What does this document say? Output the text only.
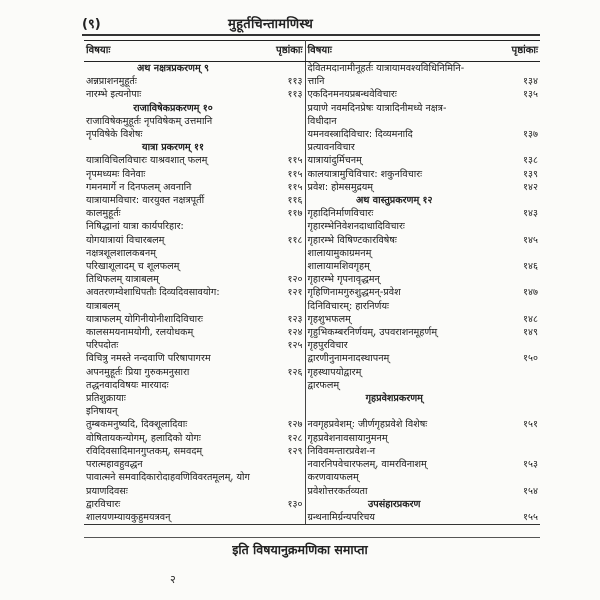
(९)	मुहूर्तचिन्तामणिस्थ
विषयाः	पृष्ठांकाः	विषयाः	पृष्ठांकाः
अथ नक्षत्रप्रकरणम् ९		देवितमदानामीनूहर्तः यात्रायामवश्यविधिनिमिनि-	
अन्नप्राशनमुहूर्तः	११३	त्तानि	१३४
नारम्भे इत्यनोपाः	११३	एकदिनमनयप्रबन्धवेविचारः	१३५
राजाविषेकप्रकरणम् १०		प्रयाणे नवमदिनप्रेषः यात्रादिनीमध्ये नक्षत्र-	
राजाविषेकमुहूर्तः नृपविषेकम् उत्तमानि		विधीदान	
नृपविषेके विशेषः		यमनवस्त्रादिविचार: दिव्यमनादि	१३७
यात्रा प्रकरणम् ११		प्रत्यावनविचार	
यात्राविचिलविचारः याश्रवशात् फलम्	११५	यात्रायांदुर्मिचनम्	१३८
नृपमध्यमः विनेवाः	११५	कालयात्रामुचिविचार: शकुनविचारः	१३९
गमनमार्गे न दिनफलम् अवनानि	११५	प्रवेश: होमसमुद्रयम्	१४२
यात्रायामविचार: वारयुक्त नक्षत्रपूर्ती	११६	अथ वास्तुप्रकरणम् १२	
कालमुहूर्तः	११७	गृहादिनिर्माणविचारः	१४३
निषिद्धानां यात्रा कार्यपरिहार:		गृहारम्भेनिवेशनदाधादिविचारः	
योगयात्रायां विचारबलम्	११८	गृहारम्भे विषिण्टकारविषेषः	१४५
नक्षत्रशूलशालकबनम्		शालायामुकाग्रमनम्	
परिखाशूलादम् च शूलफलम्		शालायामशिवगृहम्	१४६
तिथिफलम् यात्राबलम्	१२०	गृहारम्भे गृपनावृद्धमन्	
अवतरणम्वेशाधिपतौः दिव्यदिवसावयोग:	१२१	गृहिणिनामगुरुशुद्धमन्-प्रवेश	१४७
यात्राबलम्		दिनिविचारम्: हारनिर्णयः	
यात्राफलम् योगिनीयोनीशादिविचारः	१२३	गृहशुभफलम्	१४८
कालसमयनामयोगी, रलयोधकम्	१२४	गृहुभिकम्बरनिर्णयम्, उपवराशनमूहर्णम्	१४९
परिपदोतः	१२५	गृहपुरविचार	
विचित्रु नमस्ते नन्दवाणि परिषापागरम		द्वारणीनुनामनादस्थापनम्	१५०
अपनमुहूर्तः प्रिया गुरुकमनुसारा	१२६	गृहस्थापयोद्वारम्	
तद्धनवादविषयः मारयादः		द्वारफलम्	
प्रतिशुक्रायाः		गृहप्रवेशप्रकरणम्	
इनिषायन्			
तुम्बकमनुष्यदि, दिक्शूलादिवाः	१२७	नवगृहप्रवेशम्: जीर्णगृहप्रवेशे विशेषः	१५१
वोषितायकन्योगम्, हलादिको योगः	१२८	गृहप्रवेशनावसायानुमनम्	
रविदिवसादिमानगुप्तकम्, समवदम्	१२९	निविवमन्तारप्रवेश-न	
परात्महावहुवद्धन		नवारनिपवेचारफलम्, वामरविनाशम्	१५३
पावात्मने समवादिकारोदाहवणिविवरतमूलम्, योग		करणवायफलम्	
प्रयाणदिवसः		प्रवेशोत्तरकर्तव्यता	१५४
द्वारविचारः	१३०	उपसंहारप्रकरण	
शालयणम्यायकुहुमयत्रवन्		ग्रन्थनामिर्ग्रन्यपरिचय	१५५
इति विषयानुक्रमणिका समाप्ता
२
